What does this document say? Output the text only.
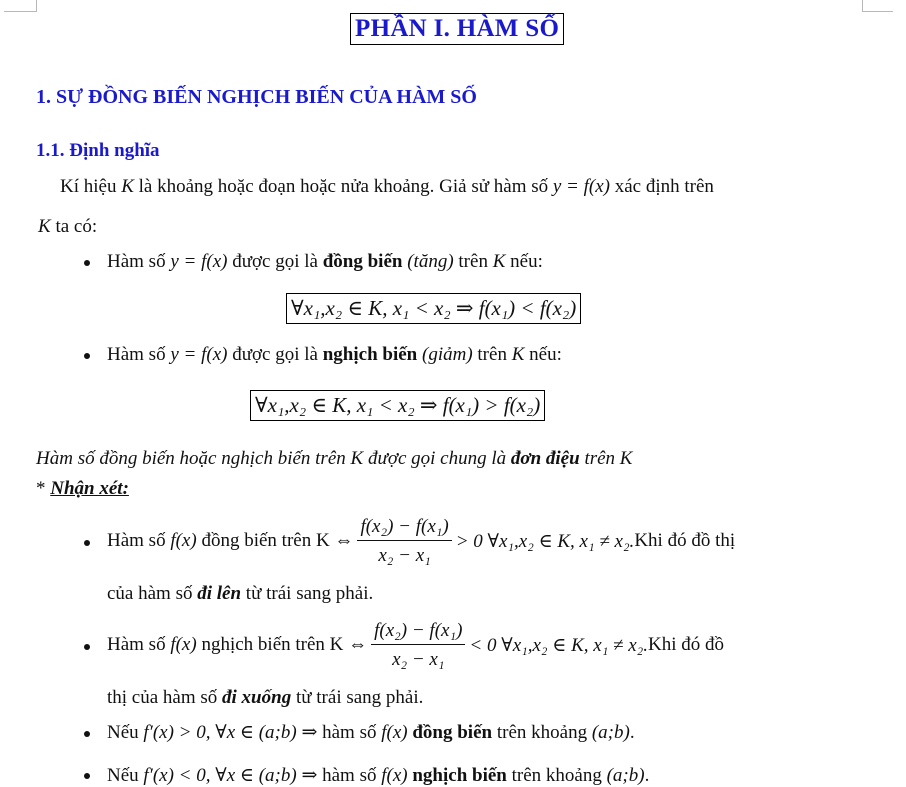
PHẦN I. HÀM SỐ
1. SỰ ĐỒNG BIẾN NGHỊCH BIẾN CỦA HÀM SỐ
1.1. Định nghĩa
Kí hiệu K là khoảng hoặc đoạn hoặc nửa khoảng. Giả sử hàm số y = f(x) xác định trên
K ta có:
Hàm số y = f(x) được gọi là đồng biến (tăng) trên K nếu:
∀x₁,x₂ ∈ K, x₁ < x₂ ⇒ f(x₁) < f(x₂)
Hàm số y = f(x) được gọi là nghịch biến (giảm) trên K nếu:
∀x₁,x₂ ∈ K, x₁ < x₂ ⇒ f(x₁) > f(x₂)
Hàm số đồng biến hoặc nghịch biến trên K được gọi chung là đơn điệu trên K
* Nhận xét:
Hàm số
f(x)
đồng biến trên K ⇔ $\frac{\text{f(x₂) − f(x₁)}}{\text{x₂ − x₁}} > 0$ ∀x₁,x₂ ∈ K, x₁ ≠ x₂. Khi đó đồ thị
của hàm số đi lên từ trái sang phải.
Hàm số
f(x)
nghịch biến trên K ⇔ $\frac{\text{f(x₂) − f(x₁)}}{\text{x₂ − x₁}} < 0$ ∀x₁,x₂ ∈ K, x₁ ≠ x₂. Khi đó đồ
thị của hàm số đi xuống từ trái sang phải.
Nếu f′(x) > 0, ∀x ∈ (a;b) ⇒ hàm số f(x) đồng biến trên khoảng (a;b).
Nếu f′(x) < 0, ∀x ∈ (a;b) ⇒ hàm số f(x) nghịch biến trên khoảng (a;b).
